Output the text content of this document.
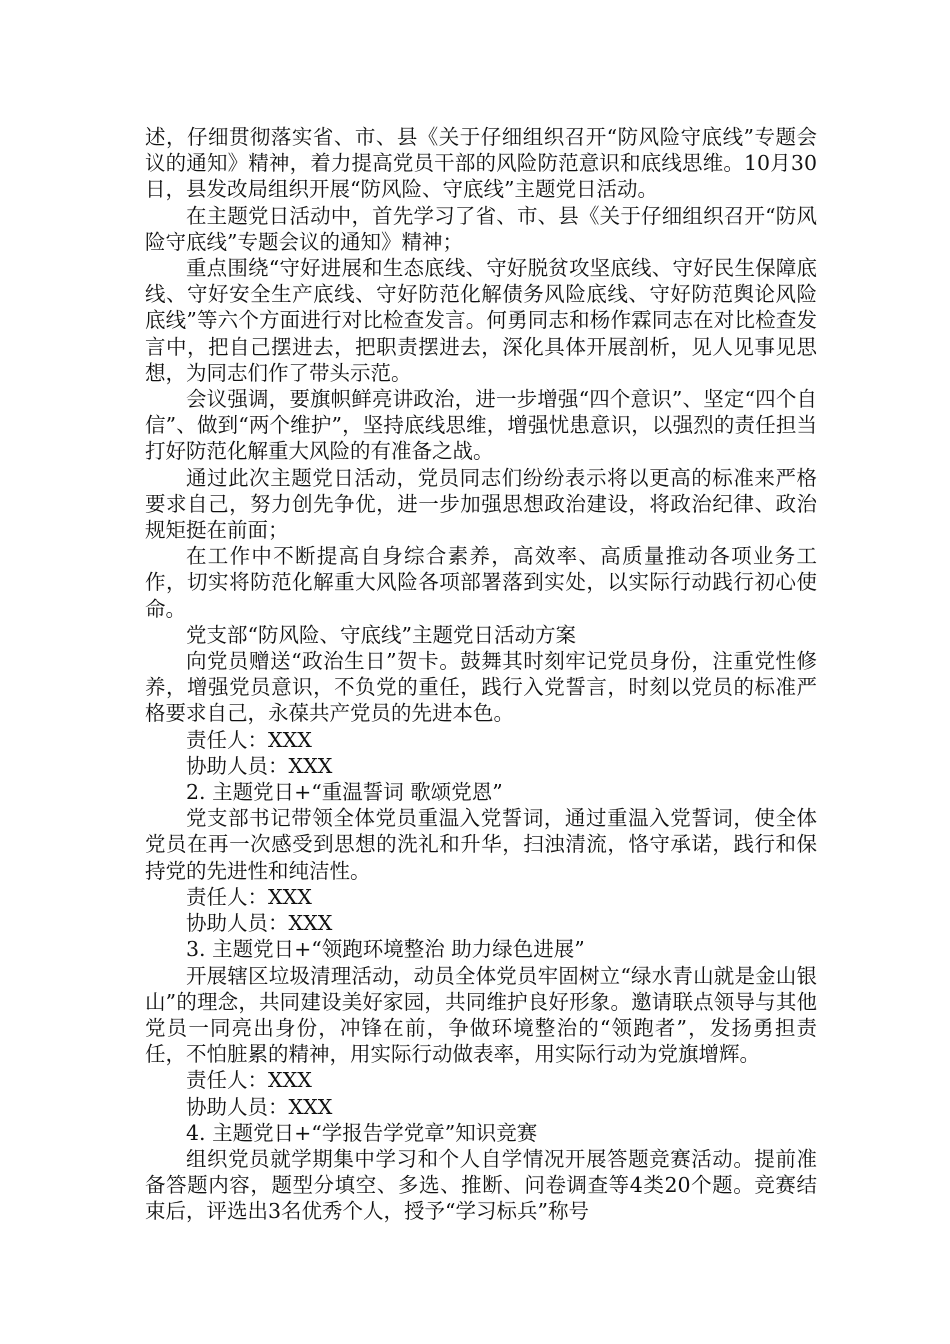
述，仔细贯彻落实省、市、县《关于仔细组织召开“防风险守底线”专题会议的通知》精神，着力提高党员干部的风险防范意识和底线思维。10月30日，县发改局组织开展“防风险、守底线”主题党日活动。

在主题党日活动中，首先学习了省、市、县《关于仔细组织召开“防风险守底线”专题会议的通知》精神；

重点围绕“守好进展和生态底线、守好脱贫攻坚底线、守好民生保障底线、守好安全生产底线、守好防范化解债务风险底线、守好防范舆论风险底线”等六个方面进行对比检查发言。何勇同志和杨作霖同志在对比检查发言中，把自己摆进去，把职责摆进去，深化具体开展剖析，见人见事见思想，为同志们作了带头示范。

会议强调，要旗帜鲜亮讲政治，进一步增强“四个意识”、坚定“四个自信”、做到“两个维护”，坚持底线思维，增强忧患意识，以强烈的责任担当打好防范化解重大风险的有准备之战。

通过此次主题党日活动，党员同志们纷纷表示将以更高的标准来严格要求自己，努力创先争优，进一步加强思想政治建设，将政治纪律、政治规矩挺在前面；

在工作中不断提高自身综合素养，高效率、高质量推动各项业务工作，切实将防范化解重大风险各项部署落到实处，以实际行动践行初心使命。

党支部“防风险、守底线”主题党日活动方案

向党员赠送“政治生日”贺卡。鼓舞其时刻牢记党员身份，注重党性修养，增强党员意识，不负党的重任，践行入党誓言，时刻以党员的标准严格要求自己，永葆共产党员的先进本色。

责任人：XXX

协助人员：XXX

2. 主题党日+“重温誓词 歌颂党恩”

党支部书记带领全体党员重温入党誓词，通过重温入党誓词，使全体党员在再一次感受到思想的洗礼和升华，扫浊清流，恪守承诺，践行和保持党的先进性和纯洁性。

责任人：XXX

协助人员：XXX

3. 主题党日+“领跑环境整治 助力绿色进展”

开展辖区垃圾清理活动，动员全体党员牢固树立“绿水青山就是金山银山”的理念，共同建设美好家园，共同维护良好形象。邀请联点领导与其他党员一同亮出身份，冲锋在前，争做环境整治的“领跑者”，发扬勇担责任，不怕脏累的精神，用实际行动做表率，用实际行动为党旗增辉。

责任人：XXX

协助人员：XXX

4. 主题党日+“学报告学党章”知识竞赛

组织党员就学期集中学习和个人自学情况开展答题竞赛活动。提前准备答题内容，题型分填空、多选、推断、问卷调查等4类20个题。竞赛结束后，评选出3名优秀个人，授予“学习标兵”称号
